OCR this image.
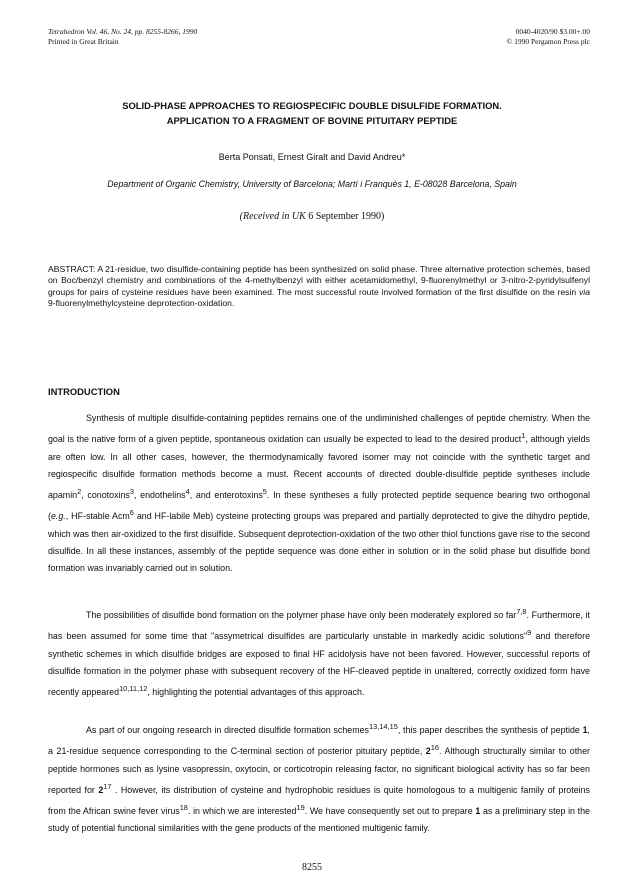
Tetrahedron Vol. 46, No. 24, pp. 8255-8266, 1990
Printed in Great Britain
0040-4020/90 $3.00+.00
© 1990 Pergamon Press plc
SOLID-PHASE APPROACHES TO REGIOSPECIFIC DOUBLE DISULFIDE FORMATION.
APPLICATION TO A FRAGMENT OF BOVINE PITUITARY PEPTIDE
Berta Ponsati, Ernest Giralt and David Andreu*
Department of Organic Chemistry, University of Barcelona; Martí i Franquès 1, E-08028 Barcelona, Spain
(Received in UK 6 September 1990)
ABSTRACT: A 21-residue, two disulfide-containing peptide has been synthesized on solid phase. Three alternative protection schemes, based on Boc/benzyl chemistry and combinations of the 4-methylbenzyl with either acetamidomethyl, 9-fluorenylmethyl or 3-nitro-2-pyridylsulfenyl groups for pairs of cysteine residues have been examined. The most successful route involved formation of the first disulfide on the resin via 9-fluorenylmethylcysteine deprotection-oxidation.
INTRODUCTION
Synthesis of multiple disulfide-containing peptides remains one of the undiminished challenges of peptide chemistry. When the goal is the native form of a given peptide, spontaneous oxidation can usually be expected to lead to the desired product$^1$, although yields are often low. In all other cases, however, the thermodynamically favored isomer may not coincide with the synthetic target and regiospecific disulfide formation methods become a must. Recent accounts of directed double-disulfide peptide syntheses include apamin$^2$, conotoxins$^3$, endothelins$^4$, and enterotoxins$^5$. In these syntheses a fully protected peptide sequence bearing two orthogonal (e.g., HF-stable Acm$^6$ and HF-labile Meb) cysteine protecting groups was prepared and partially deprotected to give the dihydro peptide, which was then air-oxidized to the first disulfide. Subsequent deprotection-oxidation of the two other thiol functions gave rise to the second disulfide. In all these instances, assembly of the peptide sequence was done either in solution or in the solid phase but disulfide bond formation was invariably carried out in solution.
The possibilities of disulfide bond formation on the polymer phase have only been moderately explored so far$^{7,8}$. Furthermore, it has been assumed for some time that "assymetrical disulfides are particularly unstable in markedly acidic solutions"$^9$ and therefore synthetic schemes in which disulfide bridges are exposed to final HF acidolysis have not been favored. However, successful reports of disulfide formation in the polymer phase with subsequent recovery of the HF-cleaved peptide in unaltered, correctly oxidized form have recently appeared$^{10,11,12}$, highlighting the potential advantages of this approach.
As part of our ongoing research in directed disulfide formation schemes$^{13,14,15}$, this paper describes the synthesis of peptide 1, a 21-residue sequence corresponding to the C-terminal section of posterior pituitary peptide, $2^{16}$. Although structurally similar to other peptide hormones such as lysine vasopressin, oxytocin, or corticotropin releasing factor, no significant biological activity has so far been reported for $2^{17}$ . However, its distribution of cysteine and hydrophobic residues is quite homologous to a multigenic family of proteins from the African swine fever virus$^{18}$. in which we are interested$^{19}$. We have consequently set out to prepare 1 as a preliminary step in the study of potential functional similarities with the gene products of the mentioned multigenic family.
8255
